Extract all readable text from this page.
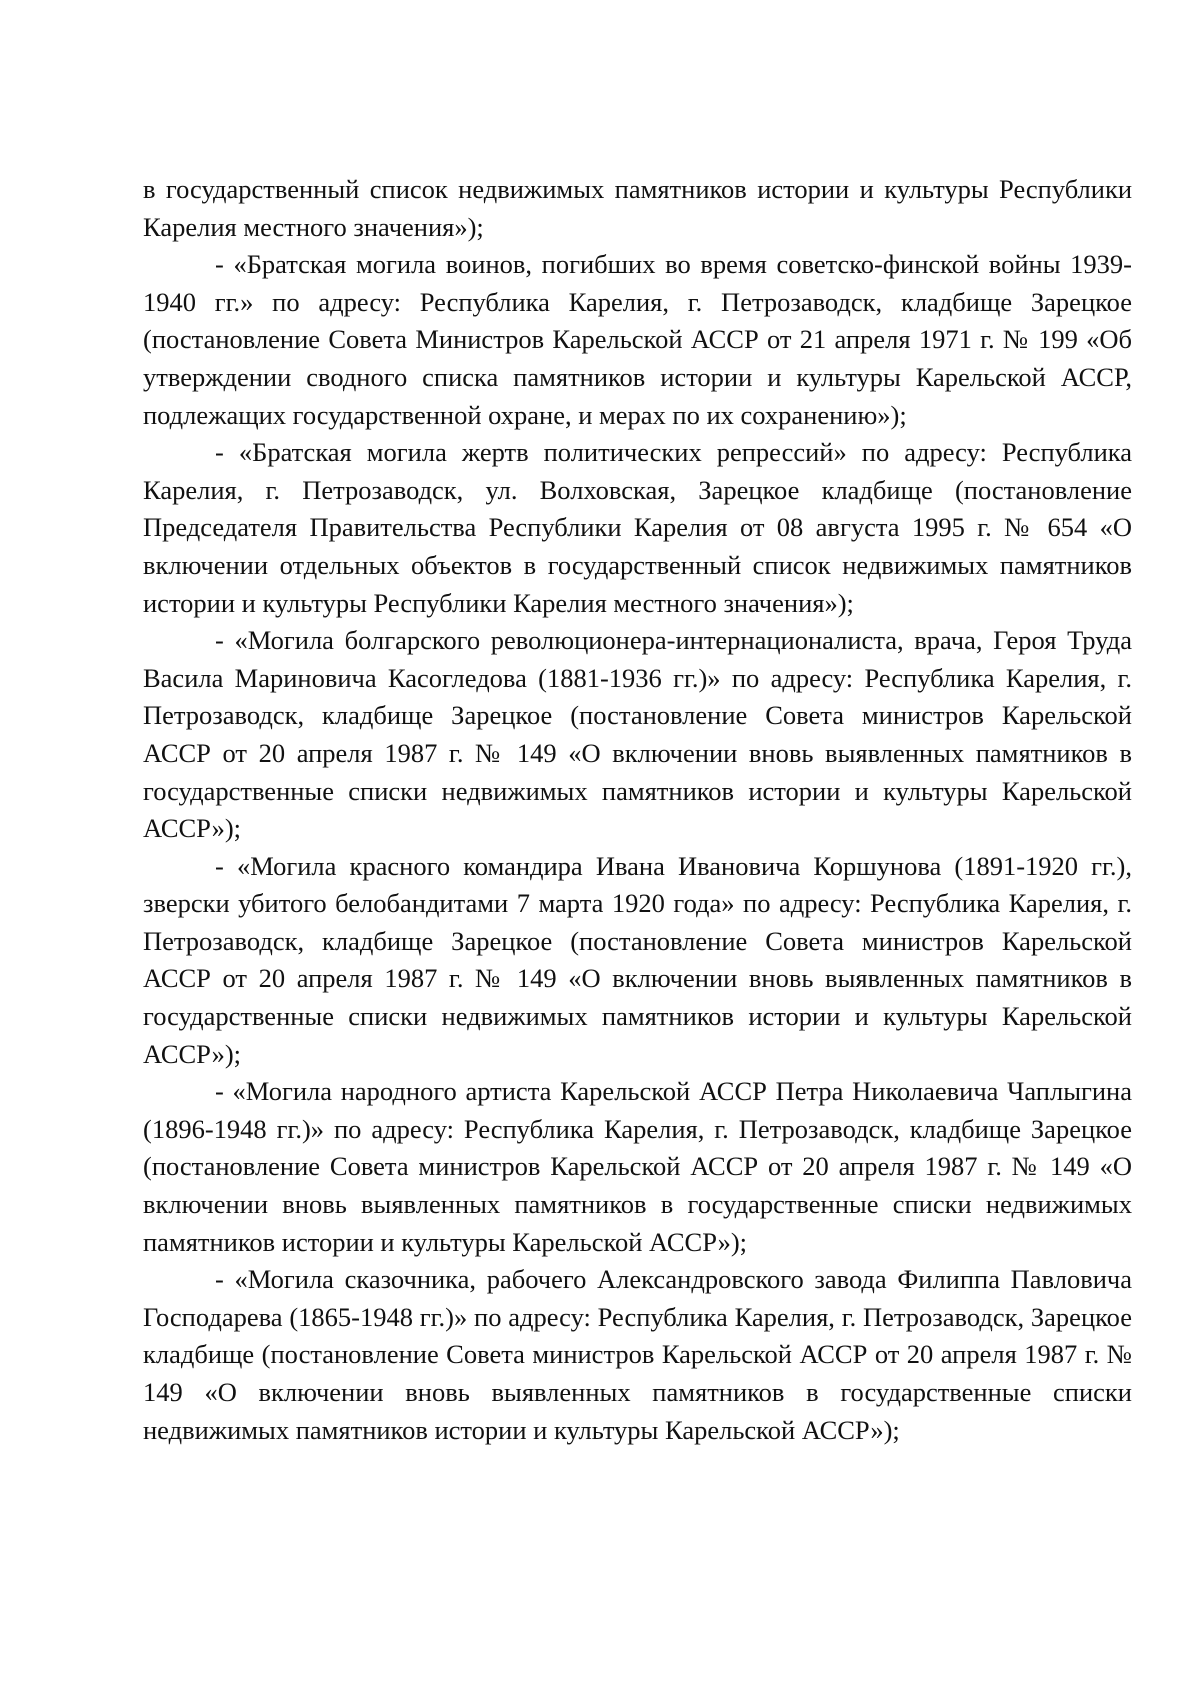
в государственный список недвижимых памятников истории и культуры Республики Карелия местного значения»);

- «Братская могила воинов, погибших во время советско-финской войны 1939-1940 гг.» по адресу: Республика Карелия, г. Петрозаводск, кладбище Зарецкое (постановление Совета Министров Карельской АССР от 21 апреля 1971 г. № 199 «Об утверждении сводного списка памятников истории и культуры Карельской АССР, подлежащих государственной охране, и мерах по их сохранению»);

- «Братская могила жертв политических репрессий» по адресу: Республика Карелия, г. Петрозаводск, ул. Волховская, Зарецкое кладбище (постановление Председателя Правительства Республики Карелия от 08 августа 1995 г. № 654 «О включении отдельных объектов в государственный список недвижимых памятников истории и культуры Республики Карелия местного значения»);

- «Могила болгарского революционера-интернационалиста, врача, Героя Труда Васила Мариновича Касогледова (1881-1936 гг.)» по адресу: Республика Карелия, г. Петрозаводск, кладбище Зарецкое (постановление Совета министров Карельской АССР от 20 апреля 1987 г. № 149 «О включении вновь выявленных памятников в государственные списки недвижимых памятников истории и культуры Карельской АССР»);

- «Могила красного командира Ивана Ивановича Коршунова (1891-1920 гг.), зверски убитого белобандитами 7 марта 1920 года» по адресу: Республика Карелия, г. Петрозаводск, кладбище Зарецкое (постановление Совета министров Карельской АССР от 20 апреля 1987 г. № 149 «О включении вновь выявленных памятников в государственные списки недвижимых памятников истории и культуры Карельской АССР»);

- «Могила народного артиста Карельской АССР Петра Николаевича Чаплыгина (1896-1948 гг.)» по адресу: Республика Карелия, г. Петрозаводск, кладбище Зарецкое (постановление Совета министров Карельской АССР от 20 апреля 1987 г. № 149 «О включении вновь выявленных памятников в государственные списки недвижимых памятников истории и культуры Карельской АССР»);

- «Могила сказочника, рабочего Александровского завода Филиппа Павловича Господарева (1865-1948 гг.)» по адресу: Республика Карелия, г. Петрозаводск, Зарецкое кладбище (постановление Совета министров Карельской АССР от 20 апреля 1987 г. № 149 «О включении вновь выявленных памятников в государственные списки недвижимых памятников истории и культуры Карельской АССР»);
